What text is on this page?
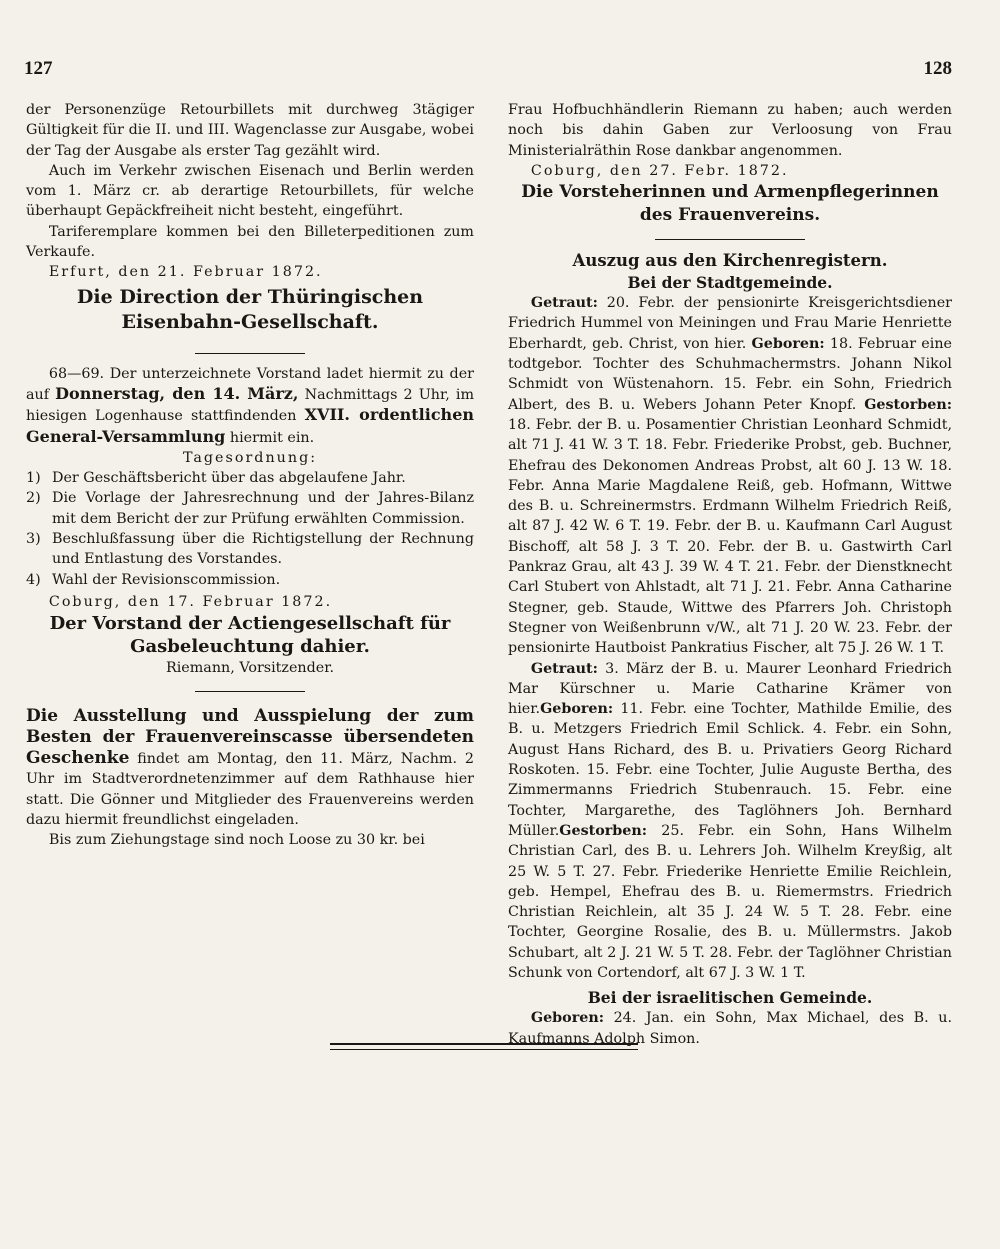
127	128

der Personenzüge Retourbillets mit durchweg 3tägiger Gültigkeit für die II. und III. Wagenclasse zur Ausgabe, wobei der Tag der Ausgabe als erster Tag gezählt wird.

Auch im Verkehr zwischen Eisenach und Berlin werden vom 1. März cr. ab derartige Retourbillets, für welche überhaupt Gepäckfreiheit nicht besteht, eingeführt.

Tariferemplare kommen bei den Billeterpeditionen zum Verkaufe.

Erfurt, den 21. Februar 1872.

Die Direction der Thüringischen Eisenbahn-Gesellschaft.

68—69. Der unterzeichnete Vorstand ladet hiermit zu der auf Donnerstag, den 14. März, Nachmittags 2 Uhr, im hiesigen Logenhause stattfindenden XVII. ordentlichen General-Versammlung hiermit ein.

Tagesordnung:

1) Der Geschäftsbericht über das abgelaufene Jahr.
2) Die Vorlage der Jahresrechnung und der Jahres-Bilanz mit dem Bericht der zur Prüfung erwählten Commission.
3) Beschlußfassung über die Richtigstellung der Rechnung und Entlastung des Vorstandes.
4) Wahl der Revisionscommission.

Coburg, den 17. Februar 1872.

Der Vorstand der Actiengesellschaft für Gasbeleuchtung dahier.

Riemann, Vorsitzender.

Die Ausstellung und Ausspielung der zum Besten der Frauenvereinscasse übersendeten Geschenke findet am Montag, den 11. März, Nachm. 2 Uhr im Stadtverordnetenzimmer auf dem Rathhause hier statt. Die Gönner und Mitglieder des Frauenvereins werden dazu hiermit freundlichst eingeladen.

Bis zum Ziehungstage sind noch Loose zu 30 kr. bei

Frau Hofbuchhändlerin Riemann zu haben; auch werden noch bis dahin Gaben zur Verloosung von Frau Ministerialräthin Rose dankbar angenommen.

Coburg, den 27. Febr. 1872.

Die Vorsteherinnen und Armenpflegerinnen des Frauenvereins.

Auszug aus den Kirchenregistern.

Bei der Stadtgemeinde.

Getraut: 20. Febr. der pensionirte Kreisgerichtsdiener Friedrich Hummel von Meiningen und Frau Marie Henriette Eberhardt, geb. Christ, von hier. Geboren: 18. Februar eine todtgebor. Tochter des Schuhmachermstrs. Johann Nikol Schmidt von Wüstenahorn. 15. Febr. ein Sohn, Friedrich Albert, des B. u. Webers Johann Peter Knopf. Gestorben: 18. Febr. der B. u. Posamentier Christian Leonhard Schmidt, alt 71 J. 41 W. 3 T. 18. Febr. Friederike Probst, geb. Buchner, Ehefrau des Dekonomen Andreas Probst, alt 60 J. 13 W. 18. Febr. Anna Marie Magdalene Reiß, geb. Hofmann, Wittwe des B. u. Schreinermstrs. Erdmann Wilhelm Friedrich Reiß, alt 87 J. 42 W. 6 T. 19. Febr. der B. u. Kaufmann Carl August Bischoff, alt 58 J. 3 T. 20. Febr. der B. u. Gastwirth Carl Pankraz Grau, alt 43 J. 39 W. 4 T. 21. Febr. der Dienstknecht Carl Stubert von Ahlstadt, alt 71 J. 21. Febr. Anna Catharine Stegner, geb. Staude, Wittwe des Pfarrers Joh. Christoph Stegner von Weißenbrunn v/W., alt 71 J. 20 W. 23. Febr. der pensionirte Hautboist Pankratius Fischer, alt 75 J. 26 W. 1 T.

Getraut: 3. März der B. u. Maurer Leonhard Friedrich Mar Kürschner u. Marie Catharine Krämer von hier.Geboren: 11. Febr. eine Tochter, Mathilde Emilie, des B. u. Metzgers Friedrich Emil Schlick. 4. Febr. ein Sohn, August Hans Richard, des B. u. Privatiers Georg Richard Roskoten. 15. Febr. eine Tochter, Julie Auguste Bertha, des Zimmermanns Friedrich Stubenrauch. 15. Febr. eine Tochter, Margarethe, des Taglöhners Joh. Bernhard Müller.Gestorben: 25. Febr. ein Sohn, Hans Wilhelm Christian Carl, des B. u. Lehrers Joh. Wilhelm Kreyßig, alt 25 W. 5 T. 27. Febr. Friederike Henriette Emilie Reichlein, geb. Hempel, Ehefrau des B. u. Riemermstrs. Friedrich Christian Reichlein, alt 35 J. 24 W. 5 T. 28. Febr. eine Tochter, Georgine Rosalie, des B. u. Müllermstrs. Jakob Schubart, alt 2 J. 21 W. 5 T. 28. Febr. der Taglöhner Christian Schunk von Cortendorf, alt 67 J. 3 W. 1 T.

Bei der israelitischen Gemeinde.

Geboren: 24. Jan. ein Sohn, Max Michael, des B. u. Kaufmanns Adolph Simon.
